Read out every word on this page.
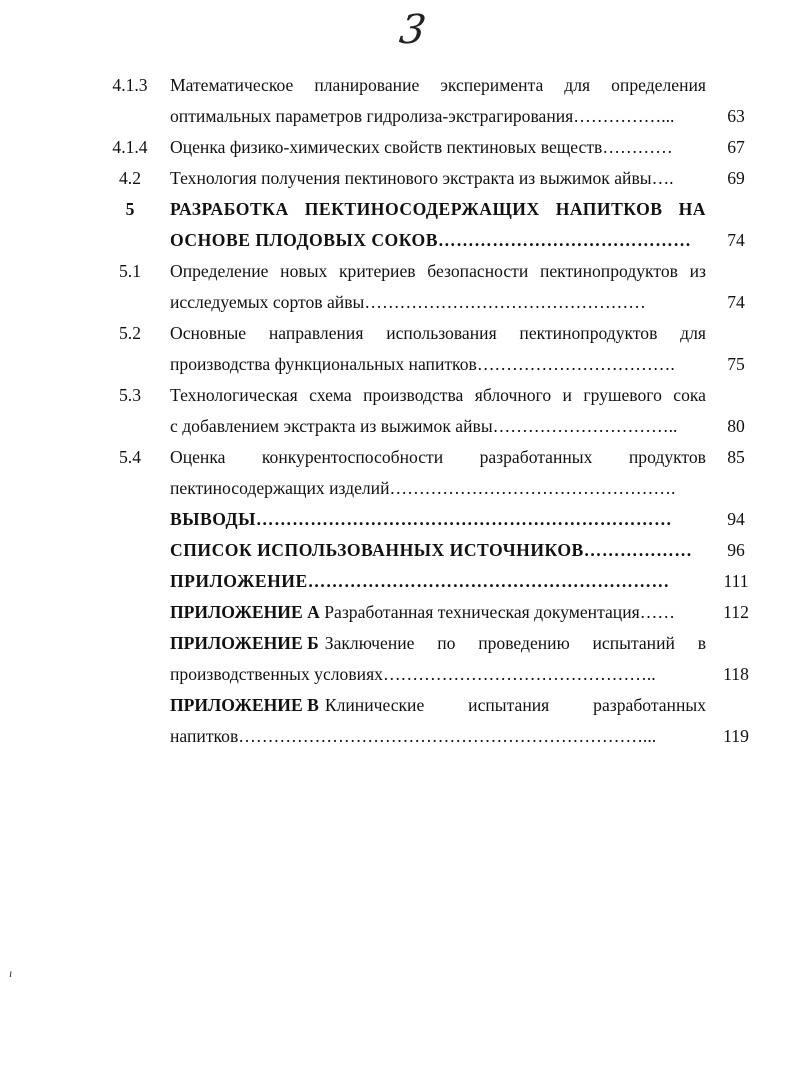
3
4.1.3	Математическое планирование эксперимента для определения
оптимальных параметров гидролиза-экстрагирования……………...	63
4.1.4	Оценка физико-химических свойств пектиновых веществ…………	67
4.2	Технология получения пектинового экстракта из выжимок айвы….	69
5	РАЗРАБОТКА ПЕКТИНОСОДЕРЖАЩИХ НАПИТКОВ НА
ОСНОВЕ ПЛОДОВЫХ СОКОВ……………………………………	74
5.1	Определение новых критериев безопасности пектинопродуктов из
исследуемых сортов айвы…………………………………………	74
5.2	Основные направления использования пектинопродуктов для
производства функциональных напитков…………………………….	75
5.3	Технологическая схема производства яблочного и грушевого сока
с добавлением экстракта из выжимок айвы…………………………..	80
5.4	Оценка конкурентоспособности разработанных продуктов	85
пектиносодержащих изделий………………………………………….
ВЫВОДЫ……………………………………………………………	94
СПИСОК ИСПОЛЬЗОВАННЫХ ИСТОЧНИКОВ………………	96
ПРИЛОЖЕНИЕ……………………………………………………	111
ПРИЛОЖЕНИЕ А Разработанная техническая документация……	112
ПРИЛОЖЕНИЕ Б Заключение по проведению испытаний в
производственных условиях………………………………………..	118
ПРИЛОЖЕНИЕ В Клинические испытания разработанных
напитков……………………………………………………………...	119
ı
